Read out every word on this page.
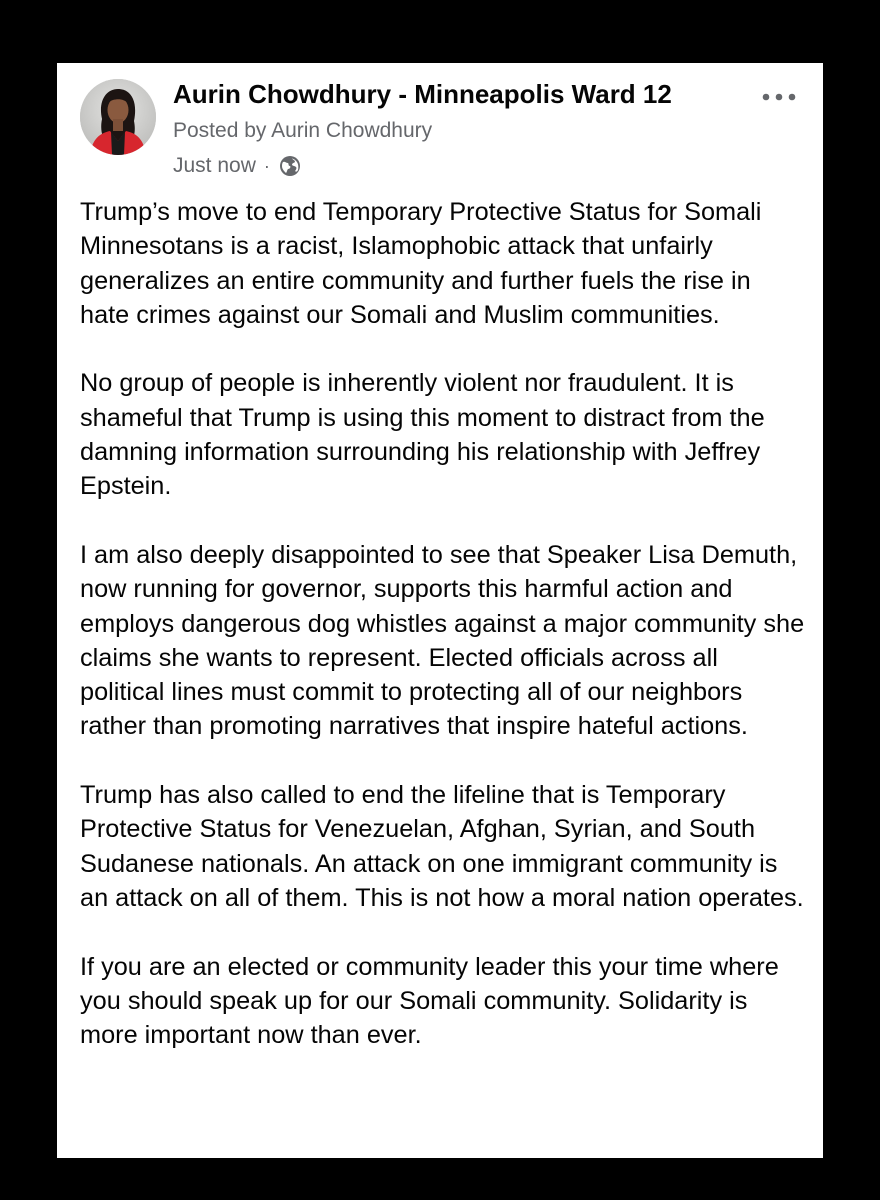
Aurin Chowdhury - Minneapolis Ward 12
Posted by Aurin Chowdhury
Just now ·

Trump’s move to end Temporary Protective Status for Somali Minnesotans is a racist, Islamophobic attack that unfairly generalizes an entire community and further fuels the rise in hate crimes against our Somali and Muslim communities.

No group of people is inherently violent nor fraudulent. It is shameful that Trump is using this moment to distract from the damning information surrounding his relationship with Jeffrey Epstein.

I am also deeply disappointed to see that Speaker Lisa Demuth, now running for governor, supports this harmful action and employs dangerous dog whistles against a major community she claims she wants to represent. Elected officials across all political lines must commit to protecting all of our neighbors rather than promoting narratives that inspire hateful actions.

Trump has also called to end the lifeline that is Temporary Protective Status for Venezuelan, Afghan, Syrian, and South Sudanese nationals. An attack on one immigrant community is an attack on all of them. This is not how a moral nation operates.

If you are an elected or community leader this your time where you should speak up for our Somali community. Solidarity is more important now than ever.
